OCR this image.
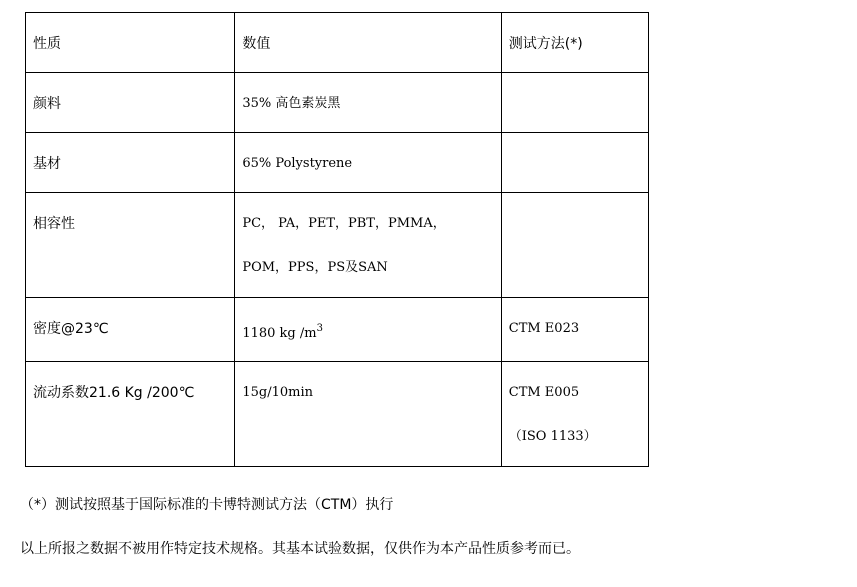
性质	数值	测试方法(*)

颜料	35% 高色素炭黑	

基材	65% Polystyrene	

相容性	PC， PA，PET，PBT，PMMA，
POM，PPS，PS及SAN	

密度@23℃	1180 kg $/m^3$	CTM E023

流动系数21.6 Kg /200℃	15g/10min	CTM E005
（ISO 1133）
（*）测试按照基于国际标准的卡博特测试方法（CTM）执行
以上所报之数据不被用作特定技术规格。其基本试验数据，仅供作为本产品性质参考而已。
